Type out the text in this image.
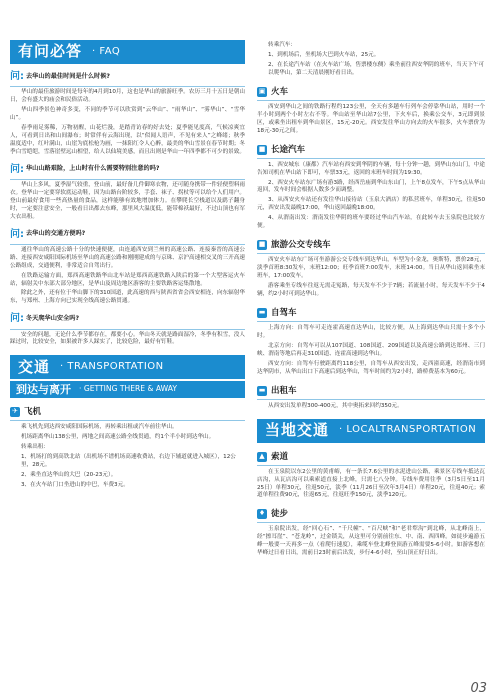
有问必答 · FAQ
问: 去华山的最佳时间是什么时候?

华山的最佳旅游时间是每年的4月到10月，这也是华山的旅游旺季。农历三月十五日是朝山日，会有盛大的庙会和民俗活动。

华山四季景色神奇多变，不同的季节可以欣赏到“云华山”、“雨华山”、“雾华山”、“雪华山”。

春季雨足雾稀，万物初醒，山花烂漫，是踏青访春的好去处；夏季能见度高，气候凉爽宜人，可看到日出和山间瀑布；时常伴有云海出现，以“似闻人语声，不见有来人”之峰绪；秋季温度适中，红叶满山，山崖为底松枪为画，一抹阳红令人心醉，最美的华山雪景在春节时期；冬季白雪皑皑，雪落崖壁远山相望，给人以仙境美感，而且出则是华山一年四季都不可少的景致。

问: 华山山路艰险，上山时有什么需要特别注意的吗?

华山上多风，夏季湿气较重，登山前，最好备几件御寒衣物，还可随身携带一件轻便塑料雨衣。登华山一定要穿软底运动鞋，因为山路台阶较多，手套、袜子、拐杖等可以给个人们用户。登山前最好食用一些高热量的食品，这样能够有效地增加体力。在攀爬长空栈道以及鹞子翻身时，一定要注意安全，一般看日出都去东峰，那里风大温度低，能带棉袄最好，不过山顶也有军大衣出租。

问: 去华山的交通方便吗?

通往华山的高速公路十分的快速便捷，由连通西安到兰州的高速公路、连接秦晋的高速公路、连接西安咸阳国际机场至华山的高速公路和刚刚建成的与京珠、京沪高速相交叉的三开高速公路组成，交通便利，非常适合自驾出行。

在铁路运输方面，郑西高速铁路华山北车站是郑西高速铁路入陕后的第一个大型客运火车站，辐射关中东部大部分地区，是华山及周边地区游客的主要铁路客运集散地。

除此之外，还有位于华山脚下的310国道，此高速的西与陕西省省会西安相连，向东辐射华东，与郑州、上海方向已实现全线高速公路贯通。

问: 冬天爬华山安全吗?

安全的问题，无论什么季节都存在，都要小心。华山冬天就是路面湿冷，冬季有积雪，没人踩过时，比较安全，如果被许多人踩实了，比较危险，最好有钉鞋。

交通 · TRANSPORTATION
到达与离开 · GETTING THERE & AWAY
✈ 飞机

乘飞机先到达西安咸阳国际机场，再转乘出租或汽车前往华山。

机场距离华山138公里，两地之间高速公路全线贯通，约1个半小时到达华山。

转乘出租：

1、机场打的到高铁北站（出机场不谱机场高速收费站，右边下辅道就进入城区），12公里，28元。

2、乘坐直达华山的大巴（20-23元）。

3、在火车站门口坐进山的中巴，车费3元。

转乘汽车：

1、到机场后，坐机场大巴到火车站，25元。

2、在长途汽车站（在火车站广场，售票楼东侧）乘坐前往西安华阴的班车，当天下午可以爬华山，第二天清晨刚好看日出。

▣ 火车

西安到华山之间的铁路行程约123公里，全天有多趟车行列车会停靠华山站，用时一个半小时到两个小时左右不等。华山站至华山站7公里，下火车后，换乘公交车，3元即到景区，或乘坐出租车到华山景区，15元-20元。西安发往华山方向去的火车很多，火车票价为18元-30元之间。

■ 长途汽车

1、西安城东（康都）汽车站有西安到华阴的车辆，每十分钟一趟，到华山东山门，中途告知司机在华山站下即可，车票33元，返回的末班车时间为19:30。

2、西安火车站东广场有游3路，经西岳庙到华山东山门，上午8点发车，下午5点从华山返回，发车时间会根据人数多少而调整。

3、从西安火车站还有发往华山接待站（玉泉大酒店）的私营班车，单程30元，往返50元，西安出发最晚17:00，华山返回最晚18:00。

4、从渭南出发：渭南发往华阴的班车要经过华山汽车站，在此转车去玉泉院也比较方便。

■ 旅游公交专线车

西安火车站东广场可坐游游公交专线车到达华山，车型为小金龙，奥斯特，票价28元，淡季首班8:30发车，末班12:00；旺季首班7:00发车，末班14:00。当日从华山返回乘坐末班车，17:00发车。

游客乘坐专线车往返无需走冤路，每天发车不少于7辆；若流量小时，每天发车不少于4辆，约2小时可到达华山。

▬ 自驾车

上海方向：自驾车可走连霍高速直达华山，比较方便，从上海到达华山只需十多个小时。

北京方向：自驾车可以从107国道、108国道、209国道以及高速公路到达郑州、三门峡、渭南等地后再走310国道、连霍高速到达华山。

西安方向：自驾车行驶距离约118公里，自驾车从西安出发，走西潼高速，经渭南市到达华阴市，从华山出口下高速后到达华山，驾车时间约为2小时，路桥费基本为60元。

▬ 出租车

从西安出发单程300-400元，其中奥拓来回约350元。

当地交通 · LOCALTRANSPORTATION
▲ 索道

在玉泉院以东2公里的黄甫峪，有一条长7.6公里的水泥进山公路，乘景区专线车抵达瓦店沟，从瓦店沟可以乘索道直接上北峰，只需七八分钟。专线车费用往季（3月5日至11月25日）单程30元，往返50元，淡季（11月26日至次年3月4日）单程20元，往返40元；索道单程往费90元，往返65元，往返旺季150元，淡季120元。

♦ 徒步

玉泉院出发，经“回心石”、“千尺幢”、“百尺峡”和“老君犁沟”到北峰，从北峰南上，经“擦耳崖”、“苍龙岭”，过金锁关，从这里可分别前往东、中、南、西四峰。如徒步遍游五峰一般要一天再多一点（看爬行速度），乘缆车登北峰登顶游五峰需要5-6小时。如游客想在华峰过日看日出，需前日23时前后出发，步行4-6小时，至山顶正好日出。

03
